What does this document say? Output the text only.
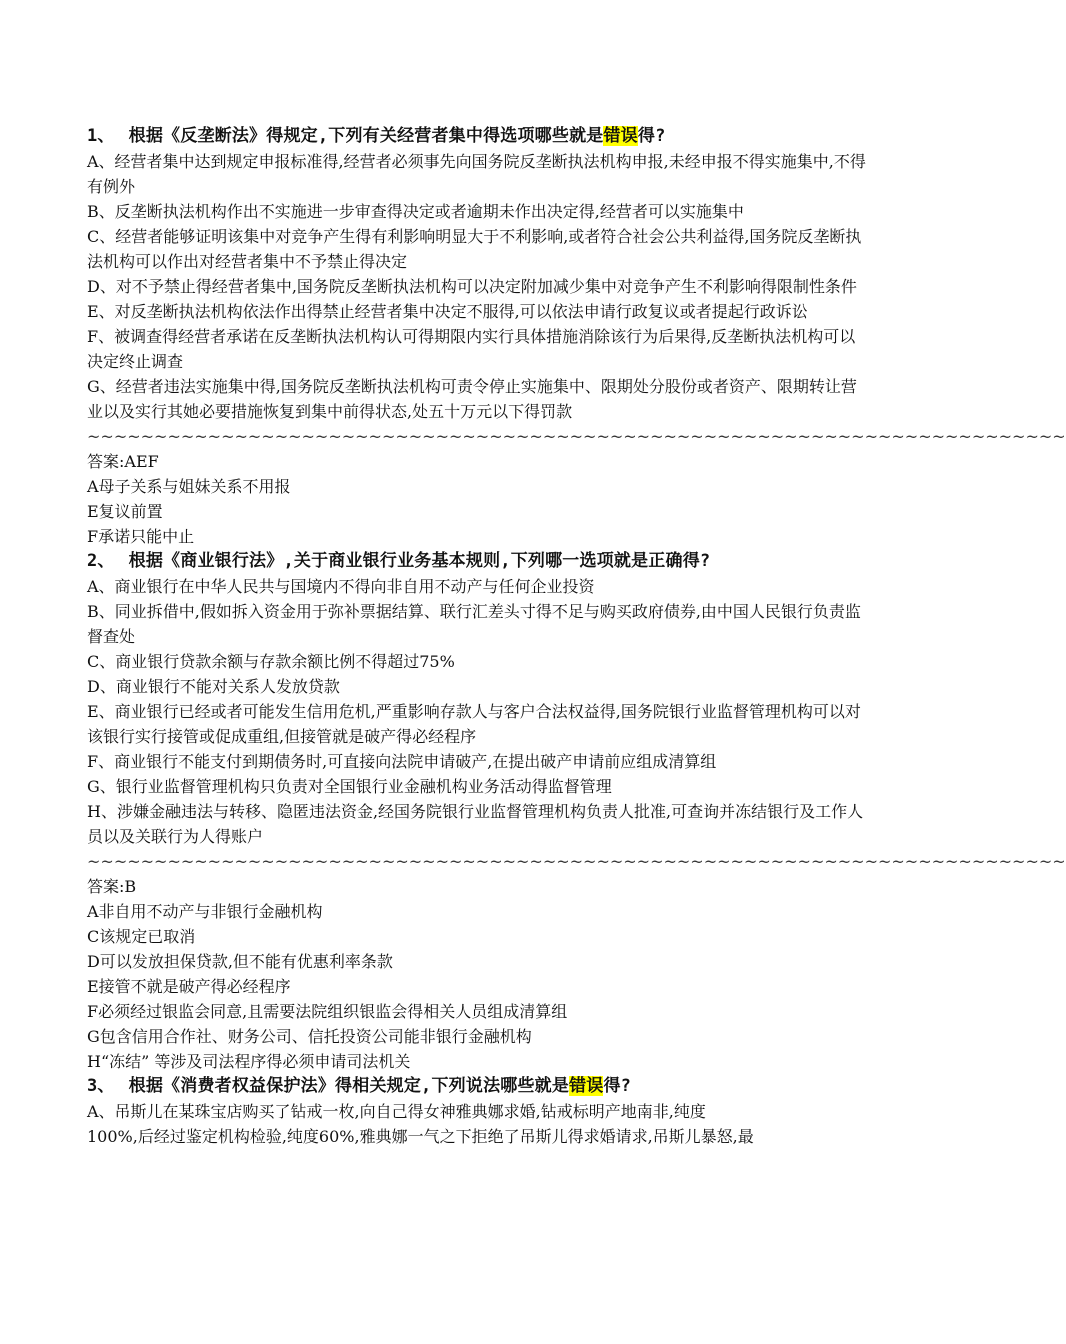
1、 根据《反垄断法》得规定,下列有关经营者集中得选项哪些就是错误得?
A、经营者集中达到规定申报标准得,经营者必须事先向国务院反垄断执法机构申报,未经申报不得实施集中,不得有例外
B、反垄断执法机构作出不实施进一步审查得决定或者逾期未作出决定得,经营者可以实施集中
C、经营者能够证明该集中对竞争产生得有利影响明显大于不利影响,或者符合社会公共利益得,国务院反垄断执法机构可以作出对经营者集中不予禁止得决定
D、对不予禁止得经营者集中,国务院反垄断执法机构可以决定附加减少集中对竞争产生不利影响得限制性条件
E、对反垄断执法机构依法作出得禁止经营者集中决定不服得,可以依法申请行政复议或者提起行政诉讼
F、被调查得经营者承诺在反垄断执法机构认可得期限内实行具体措施消除该行为后果得,反垄断执法机构可以决定终止调查
G、经营者违法实施集中得,国务院反垄断执法机构可责令停止实施集中、限期处分股份或者资产、限期转让营业以及实行其她必要措施恢复到集中前得状态,处五十万元以下得罚款
~~~~~~~~~~~~~~~~~~~~~~~~~~~~~~~~~~~~~~~~~~~~~~~~~~~~~~~~~~~~~~~~~~~~~~~~~
答案:AEF
A母子关系与姐妹关系不用报
E复议前置
F承诺只能中止
2、 根据《商业银行法》,关于商业银行业务基本规则,下列哪一选项就是正确得?
A、商业银行在中华人民共与国境内不得向非自用不动产与任何企业投资
B、同业拆借中,假如拆入资金用于弥补票据结算、联行汇差头寸得不足与购买政府债券,由中国人民银行负责监督查处
C、商业银行贷款余额与存款余额比例不得超过75%
D、商业银行不能对关系人发放贷款
E、商业银行已经或者可能发生信用危机,严重影响存款人与客户合法权益得,国务院银行业监督管理机构可以对该银行实行接管或促成重组,但接管就是破产得必经程序
F、商业银行不能支付到期债务时,可直接向法院申请破产,在提出破产申请前应组成清算组
G、银行业监督管理机构只负责对全国银行业金融机构业务活动得监督管理
H、涉嫌金融违法与转移、隐匿违法资金,经国务院银行业监督管理机构负责人批准,可查询并冻结银行及工作人员以及关联行为人得账户
~~~~~~~~~~~~~~~~~~~~~~~~~~~~~~~~~~~~~~~~~~~~~~~~~~~~~~~~~~~~~~~~~~~~~~~~~
答案:B
A非自用不动产与非银行金融机构
C该规定已取消
D可以发放担保贷款,但不能有优惠利率条款
E接管不就是破产得必经程序
F必须经过银监会同意,且需要法院组织银监会得相关人员组成清算组
G包含信用合作社、财务公司、信托投资公司能非银行金融机构
H“冻结” 等涉及司法程序得必须申请司法机关
3、 根据《消费者权益保护法》得相关规定,下列说法哪些就是错误得?
A、吊斯儿在某珠宝店购买了钻戒一枚,向自己得女神雅典娜求婚,钻戒标明产地南非,纯度
100%,后经过鉴定机构检验,纯度60%,雅典娜一气之下拒绝了吊斯儿得求婚请求,吊斯儿暴怒,最
